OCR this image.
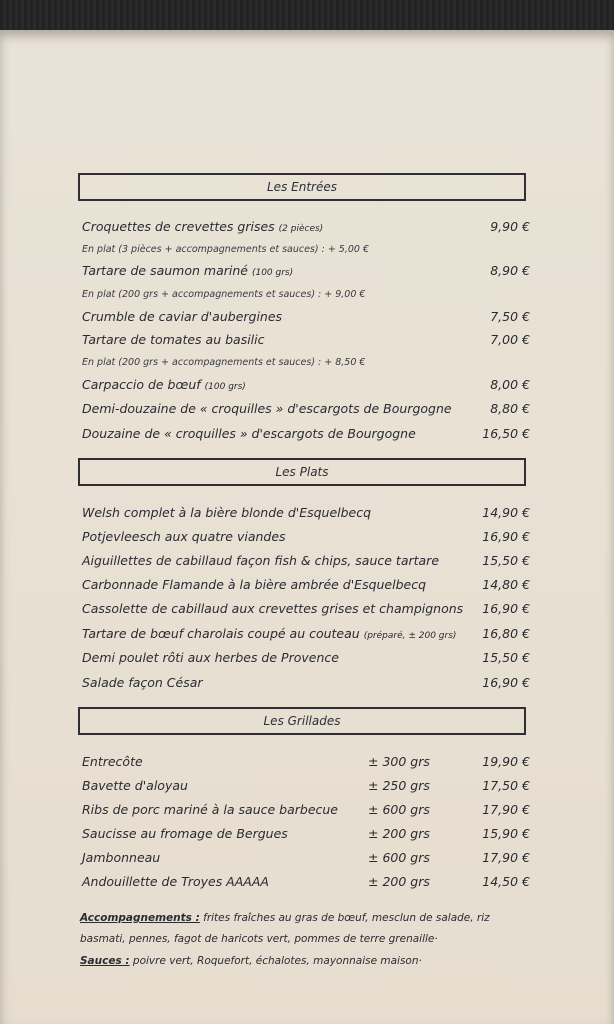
Les Entrées
Croquettes de crevettes grises (2 pièces)	9,90 €
En plat (3 pièces + accompagnements et sauces) : + 5,00 €
Tartare de saumon mariné (100 grs)	8,90 €
En plat (200 grs + accompagnements et sauces) : + 9,00 €
Crumble de caviar d'aubergines	7,50 €
Tartare de tomates au basilic	7,00 €
En plat (200 grs + accompagnements et sauces) : + 8,50 €
Carpaccio de bœuf (100 grs)	8,00 €
Demi-douzaine de « croquilles » d'escargots de Bourgogne	8,80 €
Douzaine de « croquilles » d'escargots de Bourgogne	16,50 €
Les Plats
Welsh complet à la bière blonde d'Esquelbecq	14,90 €
Potjevleesch aux quatre viandes	16,90 €
Aiguillettes de cabillaud façon fish & chips, sauce tartare	15,50 €
Carbonnade Flamande à la bière ambrée d'Esquelbecq	14,80 €
Cassolette de cabillaud aux crevettes grises et champignons 16,90 €
Tartare de bœuf charolais coupé au couteau (préparé, ± 200 grs) 16,80 €
Demi poulet rôti aux herbes de Provence	15,50 €
Salade façon César	16,90 €
Les Grillades
Entrecôte	± 300 grs	19,90 €
Bavette d'aloyau	± 250 grs	17,50 €
Ribs de porc mariné à la sauce barbecue ± 600 grs	17,90 €
Saucisse au fromage de Bergues	± 200 grs	15,90 €
Jambonneau	± 600 grs	17,90 €
Andouillette de Troyes AAAAA	± 200 grs	14,50 €
Accompagnements : frites fraîches au gras de bœuf, mesclun de salade, riz basmati, pennes, fagot de haricots vert, pommes de terre grenaille·
Sauces : poivre vert, Roquefort, échalotes, mayonnaise maison·
